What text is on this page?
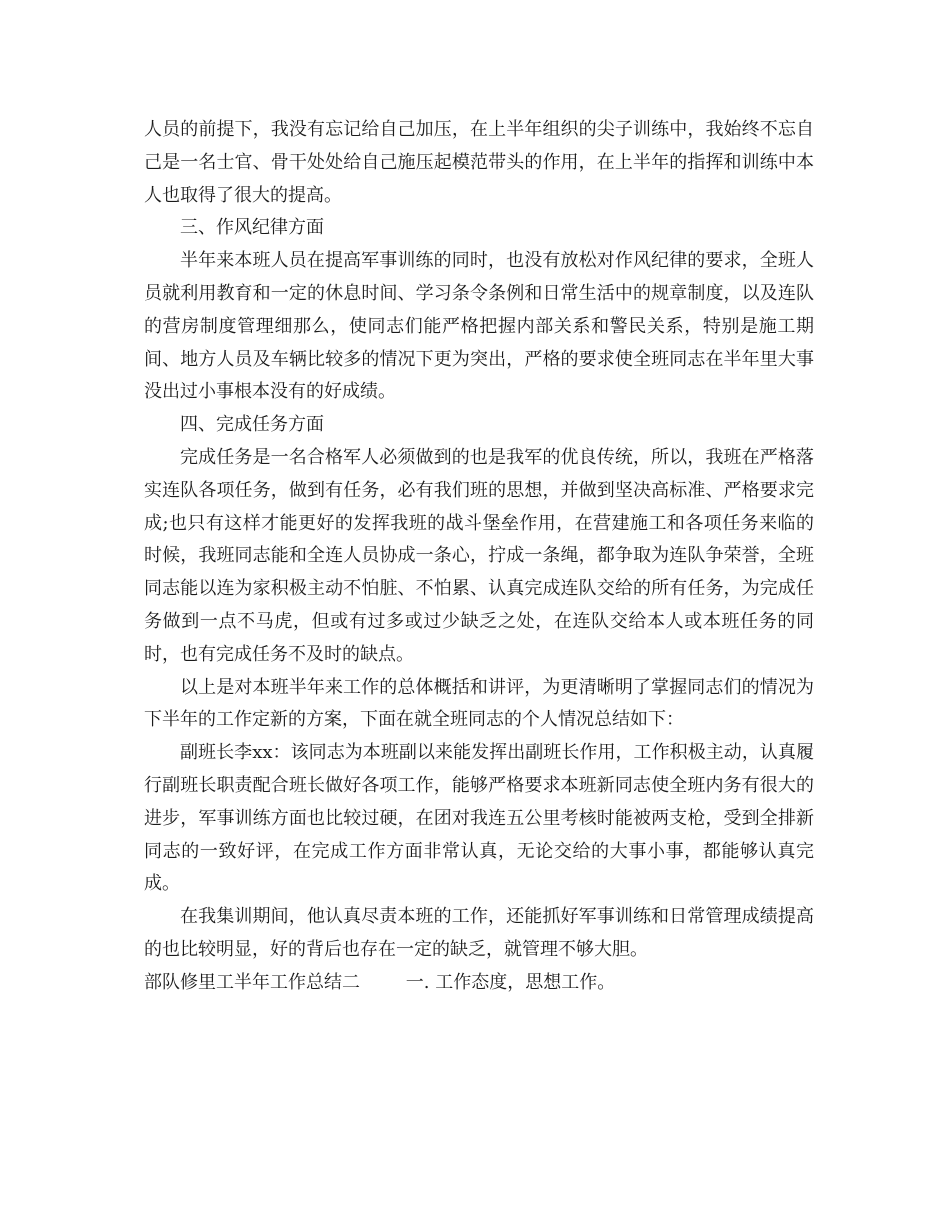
人员的前提下，我没有忘记给自己加压，在上半年组织的尖子训练中，我始终不忘自己是一名士官、骨干处处给自己施压起模范带头的作用，在上半年的指挥和训练中本人也取得了很大的提高。

三、作风纪律方面

半年来本班人员在提高军事训练的同时，也没有放松对作风纪律的要求，全班人员就利用教育和一定的休息时间、学习条令条例和日常生活中的规章制度，以及连队的营房制度管理细那么，使同志们能严格把握内部关系和警民关系，特别是施工期间、地方人员及车辆比较多的情况下更为突出，严格的要求使全班同志在半年里大事没出过小事根本没有的好成绩。

四、完成任务方面

完成任务是一名合格军人必须做到的也是我军的优良传统，所以，我班在严格落实连队各项任务，做到有任务，必有我们班的思想，并做到坚决高标准、严格要求完成;也只有这样才能更好的发挥我班的战斗堡垒作用，在营建施工和各项任务来临的时候，我班同志能和全连人员协成一条心，拧成一条绳，都争取为连队争荣誉，全班同志能以连为家积极主动不怕脏、不怕累、认真完成连队交给的所有任务，为完成任务做到一点不马虎，但或有过多或过少缺乏之处，在连队交给本人或本班任务的同时，也有完成任务不及时的缺点。

以上是对本班半年来工作的总体概括和讲评，为更清晰明了掌握同志们的情况为下半年的工作定新的方案，下面在就全班同志的个人情况总结如下：

副班长李xx：该同志为本班副以来能发挥出副班长作用，工作积极主动，认真履行副班长职责配合班长做好各项工作，能够严格要求本班新同志使全班内务有很大的进步，军事训练方面也比较过硬，在团对我连五公里考核时能被两支枪，受到全排新同志的一致好评，在完成工作方面非常认真，无论交给的大事小事，都能够认真完成。

在我集训期间，他认真尽责本班的工作，还能抓好军事训练和日常管理成绩提高的也比较明显，好的背后也存在一定的缺乏，就管理不够大胆。

部队修里工半年工作总结二	一. 工作态度，思想工作。
